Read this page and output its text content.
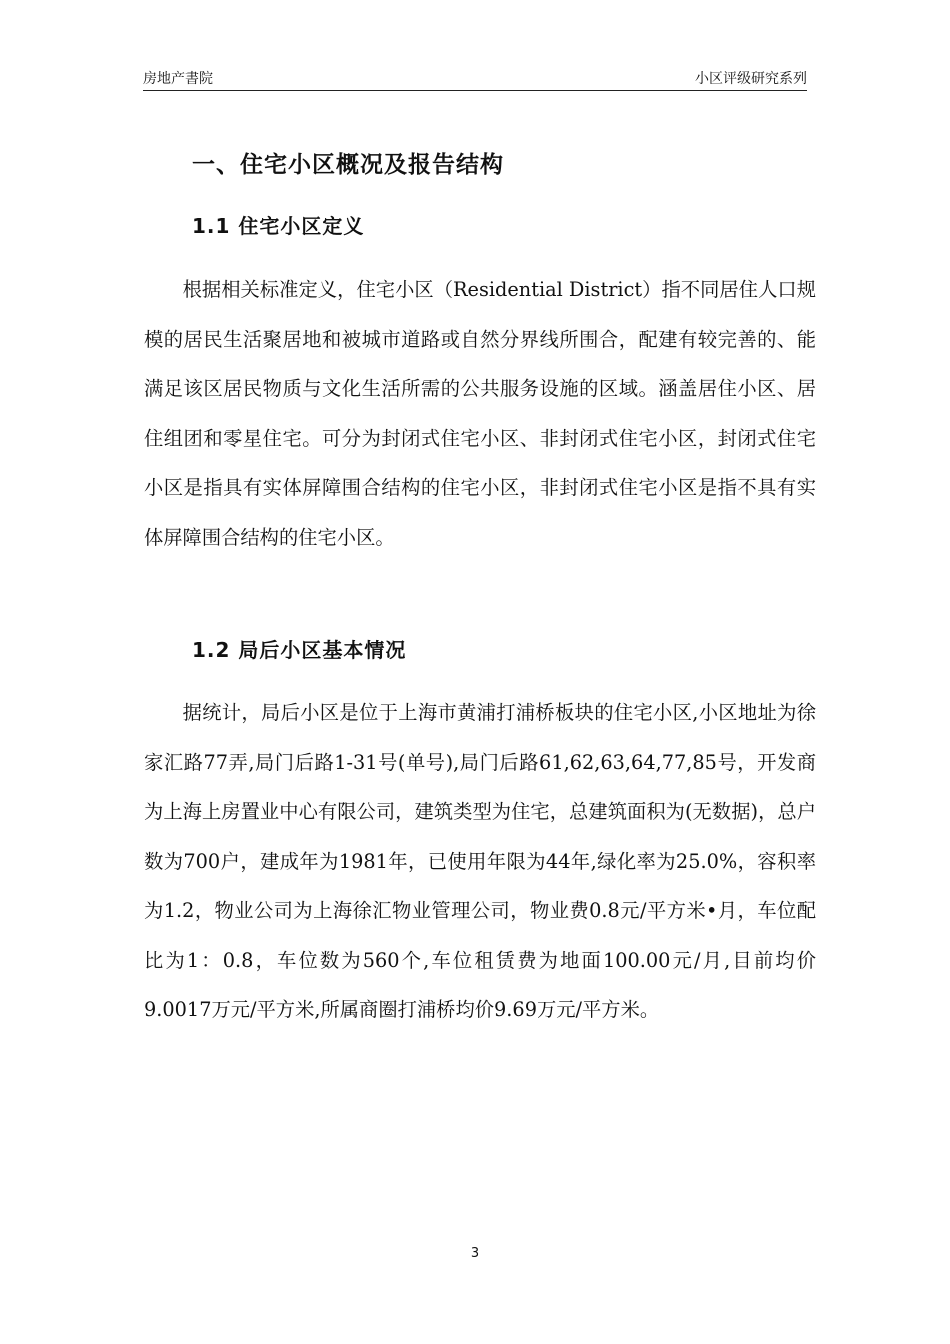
房地产書院	小区评级研究系列
一、住宅小区概况及报告结构
1.1 住宅小区定义

根据相关标准定义，住宅小区（Residential District）指不同居住人口规模的居民生活聚居地和被城市道路或自然分界线所围合，配建有较完善的、能满足该区居民物质与文化生活所需的公共服务设施的区域。涵盖居住小区、居住组团和零星住宅。可分为封闭式住宅小区、非封闭式住宅小区，封闭式住宅小区是指具有实体屏障围合结构的住宅小区，非封闭式住宅小区是指不具有实体屏障围合结构的住宅小区。

1.2 局后小区基本情况

据统计，局后小区是位于上海市黄浦打浦桥板块的住宅小区,小区地址为徐家汇路77弄,局门后路1-31号(单号),局门后路61,62,63,64,77,85号，开发商为上海上房置业中心有限公司，建筑类型为住宅，总建筑面积为(无数据)，总户数为700户，建成年为1981年，已使用年限为44年,绿化率为25.0%，容积率为1.2，物业公司为上海徐汇物业管理公司，物业费0.8元/平方米•月，车位配比为1：0.8，车位数为560个,车位租赁费为地面100.00元/月,目前均价9.0017万元/平方米,所属商圈打浦桥均价9.69万元/平方米。

3
